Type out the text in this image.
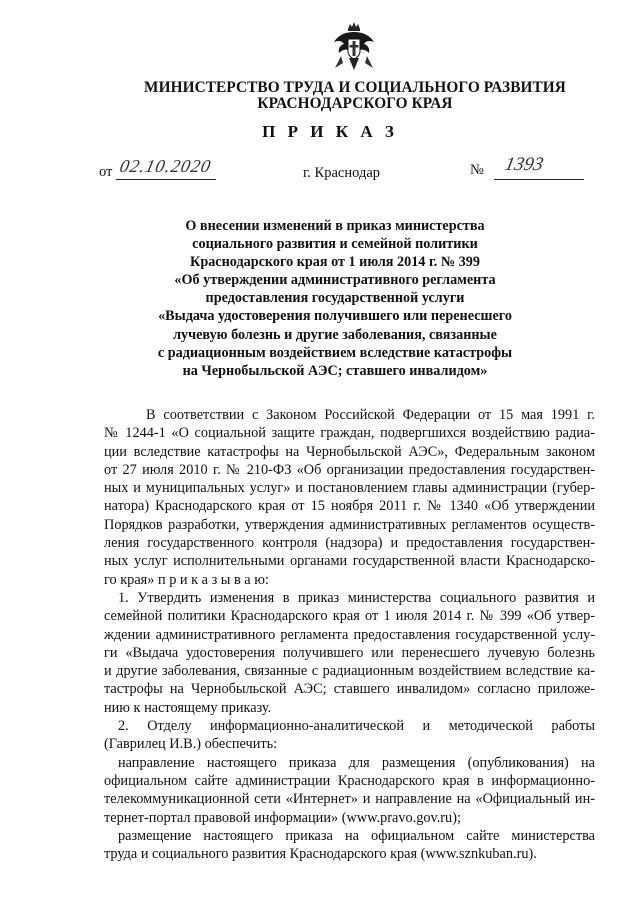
МИНИСТЕРСТВО ТРУДА И СОЦИАЛЬНОГО РАЗВИТИЯ
КРАСНОДАРСКОГО КРАЯ
П Р И К А З
от 02.10.2020	№ 1393
г. Краснодар
О внесении изменений в приказ министерства
социального развития и семейной политики
Краснодарского края от 1 июля 2014 г. № 399
«Об утверждении административного регламента
предоставления государственной услуги
«Выдача удостоверения получившего или перенесшего
лучевую болезнь и другие заболевания, связанные
с радиационным воздействием вследствие катастрофы
на Чернобыльской АЭС; ставшего инвалидом»
В соответствии с Законом Российской Федерации от 15 мая 1991 г.
№ 1244-1 «О социальной защите граждан, подвергшихся воздействию радиа-
ции вследствие катастрофы на Чернобыльской АЭС», Федеральным законом
от 27 июля 2010 г. № 210-ФЗ «Об организации предоставления государствен-
ных и муниципальных услуг» и постановлением главы администрации (губер-
натора) Краснодарского края от 15 ноября 2011 г. № 1340 «Об утверждении
Порядков разработки, утверждения административных регламентов осуществ-
ления государственного контроля (надзора) и предоставления государствен-
ных услуг исполнительными органами государственной власти Краснодарско-
го края» п р и к а з ы в а ю:
1. Утвердить изменения в приказ министерства социального развития и
семейной политики Краснодарского края от 1 июля 2014 г. № 399 «Об утвер-
ждении административного регламента предоставления государственной услу-
ги «Выдача удостоверения получившего или перенесшего лучевую болезнь
и другие заболевания, связанные с радиационным воздействием вследствие ка-
тастрофы на Чернобыльской АЭС; ставшего инвалидом» согласно приложе-
нию к настоящему приказу.
2. Отделу информационно-аналитической и методической работы
(Гаврилец И.В.) обеспечить:
направление настоящего приказа для размещения (опубликования) на
официальном сайте администрации Краснодарского края в информационно-
телекоммуникационной сети «Интернет» и направление на «Официальный ин-
тернет-портал правовой информации» (www.pravo.gov.ru);
размещение настоящего приказа на официальном сайте министерства
труда и социального развития Краснодарского края (www.sznkuban.ru).
